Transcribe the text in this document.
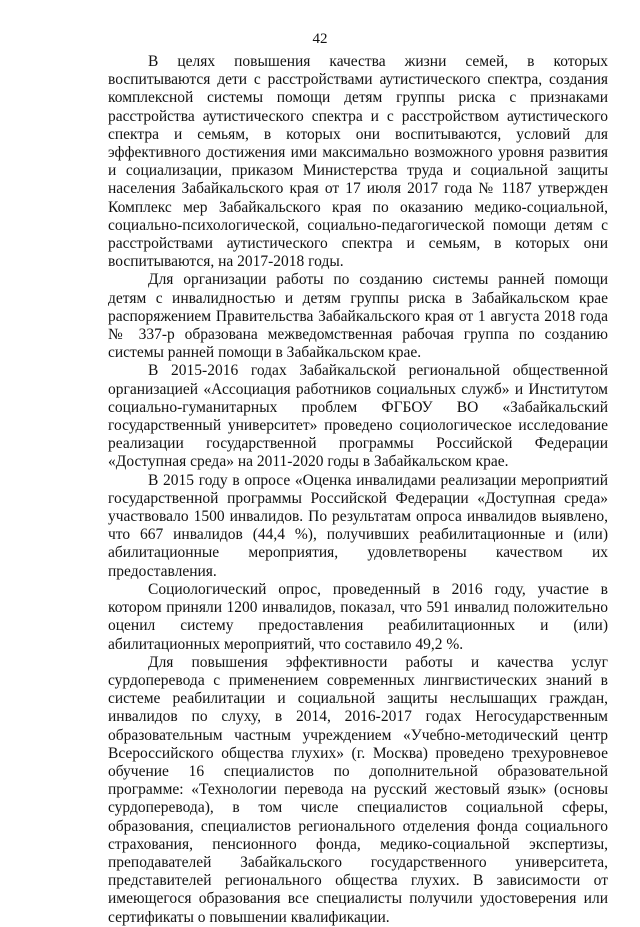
42

В целях повышения качества жизни семей, в которых воспитываются дети с расстройствами аутистического спектра, создания комплексной системы помощи детям группы риска с признаками расстройства аутистического спектра и с расстройством аутистического спектра и семьям, в которых они воспитываются, условий для эффективного достижения ими максимально возможного уровня развития и социализации, приказом Министерства труда и социальной защиты населения Забайкальского края от 17 июля 2017 года № 1187 утвержден Комплекс мер Забайкальского края по оказанию медико-социальной, социально-психологической, социально-педагогической помощи детям с расстройствами аутистического спектра и семьям, в которых они воспитываются, на 2017-2018 годы.

Для организации работы по созданию системы ранней помощи детям с инвалидностью и детям группы риска в Забайкальском крае распоряжением Правительства Забайкальского края от 1 августа 2018 года № 337-р образована межведомственная рабочая группа по созданию системы ранней помощи в Забайкальском крае.

В 2015-2016 годах Забайкальской региональной общественной организацией «Ассоциация работников социальных служб» и Институтом социально-гуманитарных проблем ФГБОУ ВО «Забайкальский государственный университет» проведено социологическое исследование реализации государственной программы Российской Федерации «Доступная среда» на 2011-2020 годы в Забайкальском крае.

В 2015 году в опросе «Оценка инвалидами реализации мероприятий государственной программы Российской Федерации «Доступная среда» участвовало 1500 инвалидов. По результатам опроса инвалидов выявлено, что 667 инвалидов (44,4 %), получивших реабилитационные и (или) абилитационные мероприятия, удовлетворены качеством их предоставления.

Социологический опрос, проведенный в 2016 году, участие в котором приняли 1200 инвалидов, показал, что 591 инвалид положительно оценил систему предоставления реабилитационных и (или) абилитационных мероприятий, что составило 49,2 %.

Для повышения эффективности работы и качества услуг сурдоперевода с применением современных лингвистических знаний в системе реабилитации и социальной защиты неслышащих граждан, инвалидов по слуху, в 2014, 2016-2017 годах Негосударственным образовательным частным учреждением «Учебно-методический центр Всероссийского общества глухих» (г. Москва) проведено трехуровневое обучение 16 специалистов по дополнительной образовательной программе: «Технологии перевода на русский жестовый язык» (основы сурдоперевода), в том числе специалистов социальной сферы, образования, специалистов регионального отделения фонда социального страхования, пенсионного фонда, медико-социальной экспертизы, преподавателей Забайкальского государственного университета, представителей регионального общества глухих. В зависимости от имеющегося образования все специалисты получили удостоверения или сертификаты о повышении квалификации.
